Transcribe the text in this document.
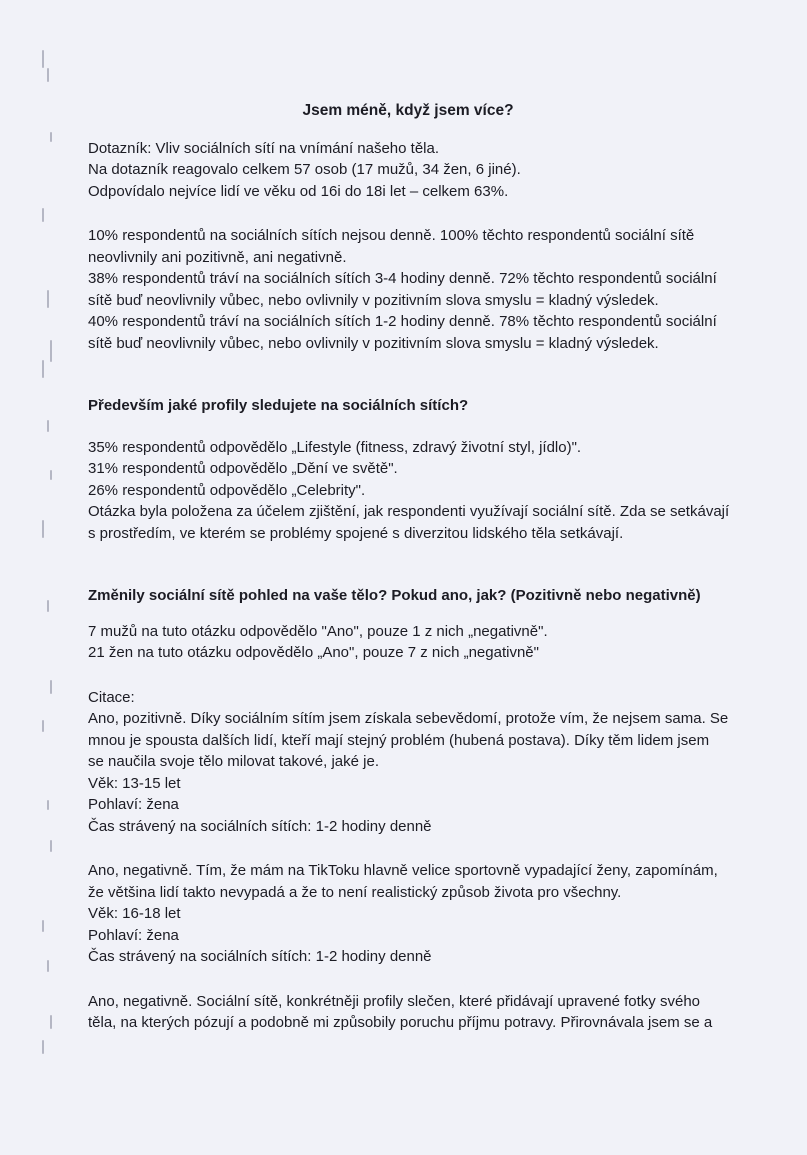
Jsem méně, když jsem více?
Dotazník: Vliv sociálních sítí na vnímání našeho těla.
Na dotazník reagovalo celkem 57 osob (17 mužů, 34 žen, 6 jiné).
Odpovídalo nejvíce lidí ve věku od 16i do 18i let – celkem 63%.
10% respondentů na sociálních sítích nejsou denně. 100% těchto respondentů sociální sítě
neovlivnily ani pozitivně, ani negativně.
38% respondentů tráví na sociálních sítích 3-4 hodiny denně. 72% těchto respondentů sociální
sítě buď neovlivnily vůbec, nebo ovlivnily v pozitivním slova smyslu = kladný výsledek.
40% respondentů tráví na sociálních sítích 1-2 hodiny denně. 78% těchto respondentů sociální
sítě buď neovlivnily vůbec, nebo ovlivnily v pozitivním slova smyslu = kladný výsledek.
Především jaké profily sledujete na sociálních sítích?
35% respondentů odpovědělo „Lifestyle (fitness, zdravý životní styl, jídlo)".
31% respondentů odpovědělo „Dění ve světě".
26% respondentů odpovědělo „Celebrity".
Otázka byla položena za účelem zjištění, jak respondenti využívají sociální sítě. Zda se setkávají
s prostředím, ve kterém se problémy spojené s diverzitou lidského těla setkávají.
Změnily sociální sítě pohled na vaše tělo? Pokud ano, jak? (Pozitivně nebo negativně)
7 mužů na tuto otázku odpovědělo "Ano", pouze 1 z nich „negativně".
21 žen na tuto otázku odpovědělo „Ano", pouze 7 z nich „negativně"
Citace:
Ano, pozitivně. Díky sociálním sítím jsem získala sebevědomí, protože vím, že nejsem sama. Se
mnou je spousta dalších lidí, kteří mají stejný problém (hubená postava). Díky těm lidem jsem
se naučila svoje tělo milovat takové, jaké je.
Věk: 13-15 let
Pohlaví: žena
Čas strávený na sociálních sítích: 1-2 hodiny denně
Ano, negativně. Tím, že mám na TikToku hlavně velice sportovně vypadající ženy, zapomínám,
že většina lidí takto nevypadá a že to není realistický způsob života pro všechny.
Věk: 16-18 let
Pohlaví: žena
Čas strávený na sociálních sítích: 1-2 hodiny denně
Ano, negativně. Sociální sítě, konkrétněji profily slečen, které přidávají upravené fotky svého
těla, na kterých pózují a podobně mi způsobily poruchu příjmu potravy. Přirovnávala jsem se a
